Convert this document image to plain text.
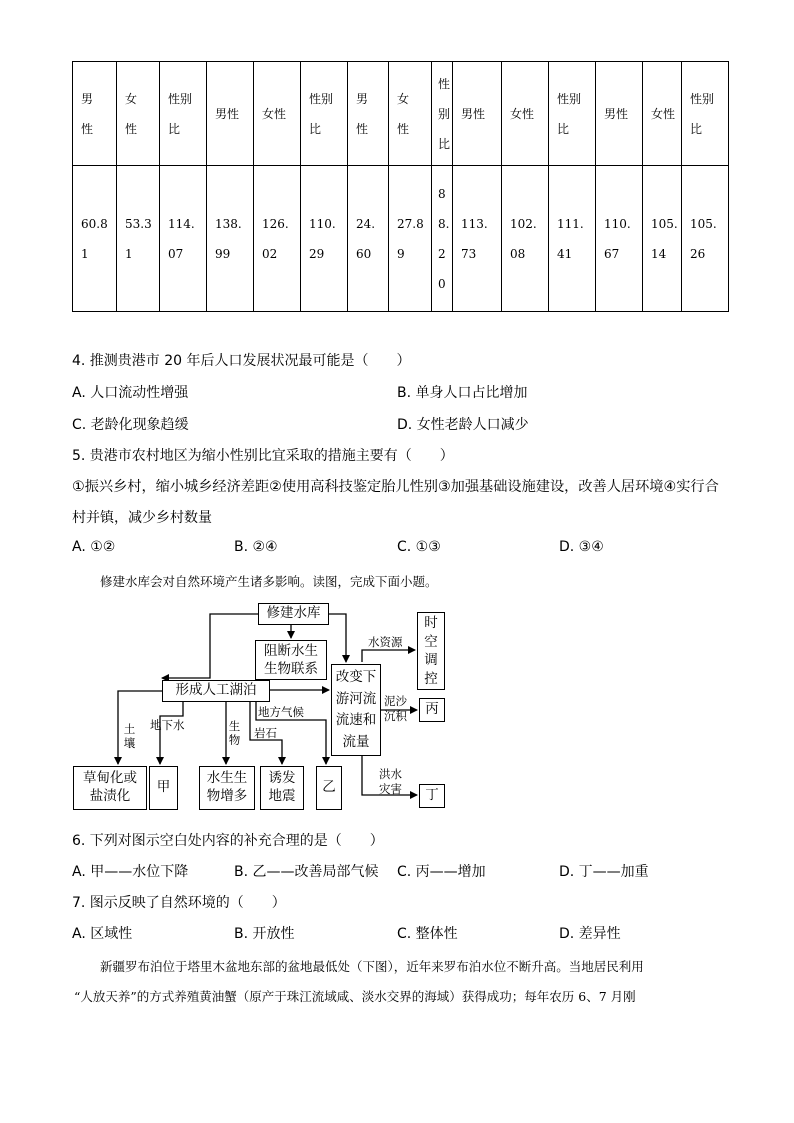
男性	女性	性别比	男性	女性	性别比	男性	女性	性别比	男性	女性	性别比	男性	女性	性别比

60.81	53.31	114.07	138.99	126.02	110.29	24.60	27.89	88.20	113.73	102.08	111.41	110.67	105.14	105.26
4. 推测贵港市 20 年后人口发展状况最可能是（　　）
A. 人口流动性增强	B. 单身人口占比增加
C. 老龄化现象趋缓	D. 女性老龄人口减少
5. 贵港市农村地区为缩小性别比宜采取的措施主要有（　　）
①振兴乡村，缩小城乡经济差距②使用高科技鉴定胎儿性别③加强基础设施建设，改善人居环境④实行合
村并镇，减少乡村数量
A. ①②	B. ②④	C. ①③	D. ③④
修建水库会对自然环境产生诸多影响。读图，完成下面小题。
修建水库
阻断水生生物联系
形成人工湖泊
改变下游河流流速和流量
时空调控
丙
丁
草甸化或盐渍化
甲
水生生物增多
诱发地震
乙
土壤
地下水	生物
地方气候
岩石
水资源
泥沙沉积
洪水灾害
6. 下列对图示空白处内容的补充合理的是（　　）
A. 甲——水位下降	B. 乙——改善局部气候 C. 丙——增加	D. 丁——加重
7. 图示反映了自然环境的（　　）
A. 区域性	B. 开放性	C. 整体性	D. 差异性
新疆罗布泊位于塔里木盆地东部的盆地最低处（下图），近年来罗布泊水位不断升高。当地居民利用
“人放天养”的方式养殖黄油蟹（原产于珠江流域咸、淡水交界的海域）获得成功；每年农历 6、7 月刚
